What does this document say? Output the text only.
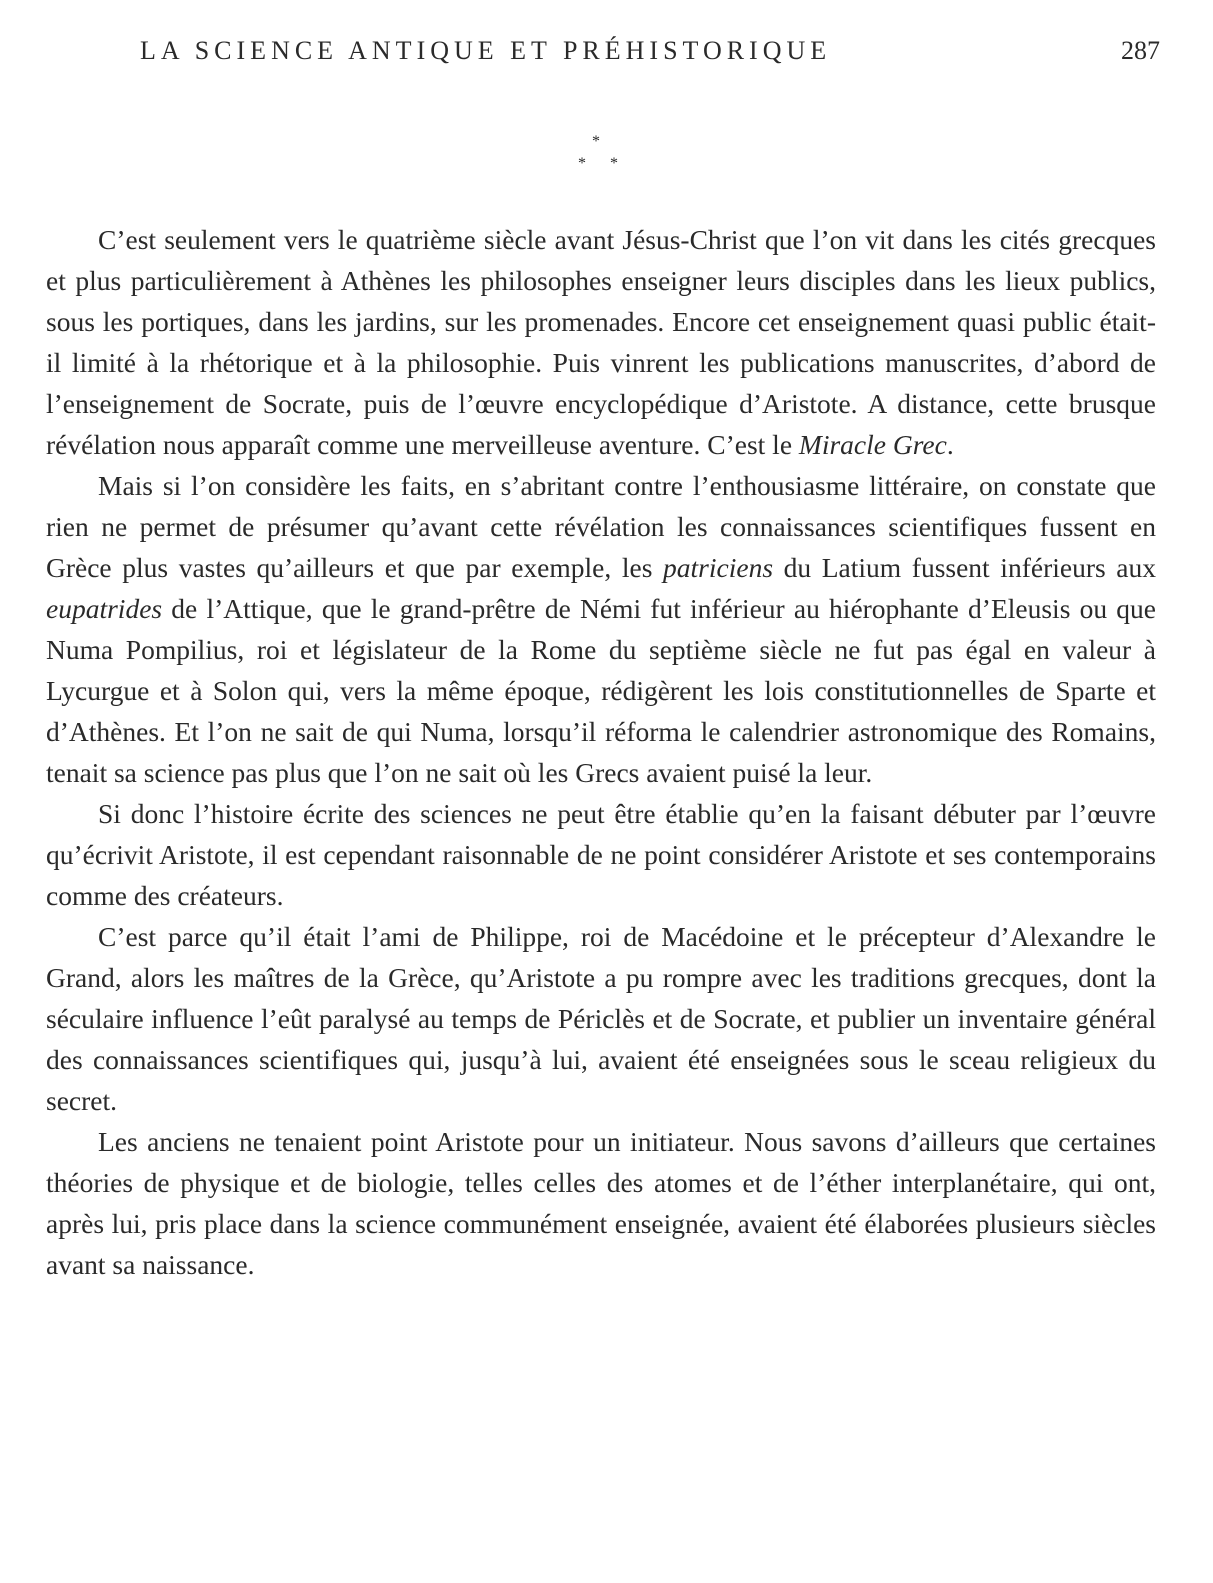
LA SCIENCE ANTIQUE ET PRÉHISTORIQUE	287
*
* *

C’est seulement vers le quatrième siècle avant Jésus-Christ que l’on vit dans les cités grecques et plus particulièrement à Athènes les philosophes enseigner leurs disciples dans les lieux publics, sous les portiques, dans les jardins, sur les promenades. Encore cet enseignement quasi public était-il limité à la rhétorique et à la philosophie. Puis vinrent les publications manuscrites, d’abord de l’enseignement de Socrate, puis de l’œuvre encyclopédique d’Aristote. A distance, cette brusque révélation nous apparaît comme une merveilleuse aventure. C’est le Miracle Grec.

Mais si l’on considère les faits, en s’abritant contre l’enthousiasme littéraire, on constate que rien ne permet de présumer qu’avant cette révélation les connaissances scientifiques fussent en Grèce plus vastes qu’ailleurs et que par exemple, les patriciens du Latium fussent inférieurs aux eupatrides de l’Attique, que le grand-prêtre de Némi fut inférieur au hiérophante d’Eleusis ou que Numa Pompilius, roi et législateur de la Rome du septième siècle ne fut pas égal en valeur à Lycurgue et à Solon qui, vers la même époque, rédigèrent les lois constitutionnelles de Sparte et d’Athènes. Et l’on ne sait de qui Numa, lorsqu’il réforma le calendrier astronomique des Romains, tenait sa science pas plus que l’on ne sait où les Grecs avaient puisé la leur.

Si donc l’histoire écrite des sciences ne peut être établie qu’en la faisant débuter par l’œuvre qu’écrivit Aristote, il est cependant raisonnable de ne point considérer Aristote et ses contemporains comme des créateurs.

C’est parce qu’il était l’ami de Philippe, roi de Macédoine et le précepteur d’Alexandre le Grand, alors les maîtres de la Grèce, qu’Aristote a pu rompre avec les traditions grecques, dont la séculaire influence l’eût paralysé au temps de Périclès et de Socrate, et publier un inventaire général des connaissances scientifiques qui, jusqu’à lui, avaient été enseignées sous le sceau religieux du secret.

Les anciens ne tenaient point Aristote pour un initiateur. Nous savons d’ailleurs que certaines théories de physique et de biologie, telles celles des atomes et de l’éther interplanétaire, qui ont, après lui, pris place dans la science communément enseignée, avaient été élaborées plusieurs siècles avant sa naissance.
